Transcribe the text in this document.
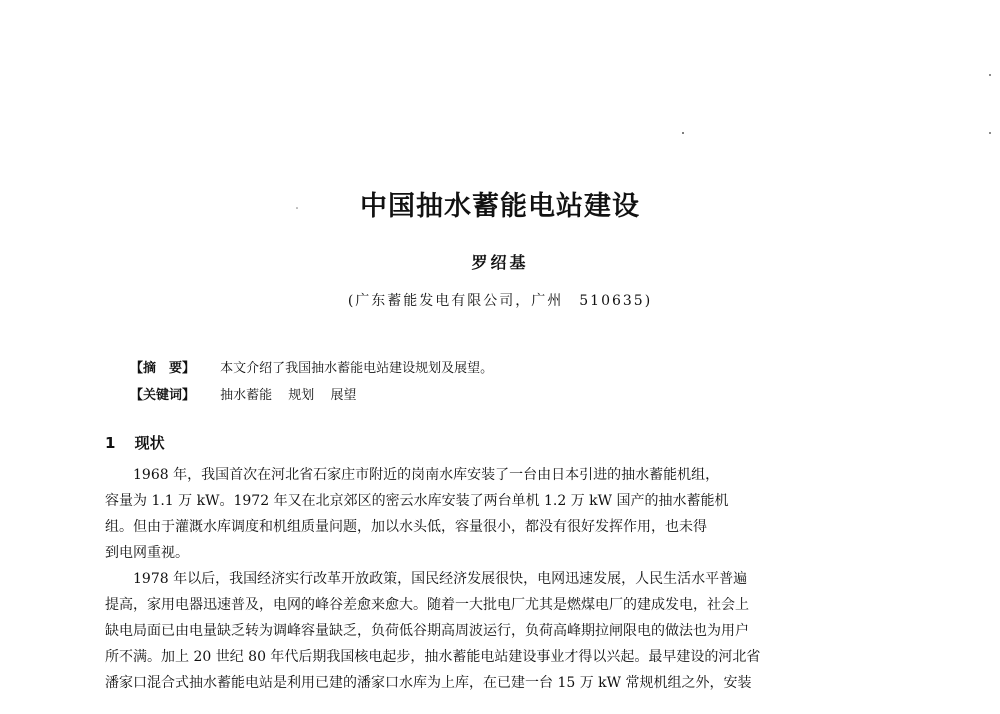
中国抽水蓄能电站建设
罗绍基
(广东蓄能发电有限公司，广州　510635)
【摘　要】 本文介绍了我国抽水蓄能电站建设规划及展望。
【关键词】 抽水蓄能 规划 展望
1 现状

1968 年，我国首次在河北省石家庄市附近的岗南水库安装了一台由日本引进的抽水蓄能机组，

容量为 1.1 万 kW。1972 年又在北京郊区的密云水库安装了两台单机 1.2 万 kW 国产的抽水蓄能机
组。但由于灌溉水库调度和机组质量问题，加以水头低，容量很小，都没有很好发挥作用，也未得
到电网重视。

1978 年以后，我国经济实行改革开放政策，国民经济发展很快，电网迅速发展，人民生活水平普遍

提高，家用电器迅速普及，电网的峰谷差愈来愈大。随着一大批电厂尤其是燃煤电厂的建成发电，社会上
缺电局面已由电量缺乏转为调峰容量缺乏，负荷低谷期高周波运行，负荷高峰期拉闸限电的做法也为用户
所不满。加上 20 世纪 80 年代后期我国核电起步，抽水蓄能电站建设事业才得以兴起。最早建设的河北省
潘家口混合式抽水蓄能电站是利用已建的潘家口水库为上库，在已建一台 15 万 kW 常规机组之外，安装
